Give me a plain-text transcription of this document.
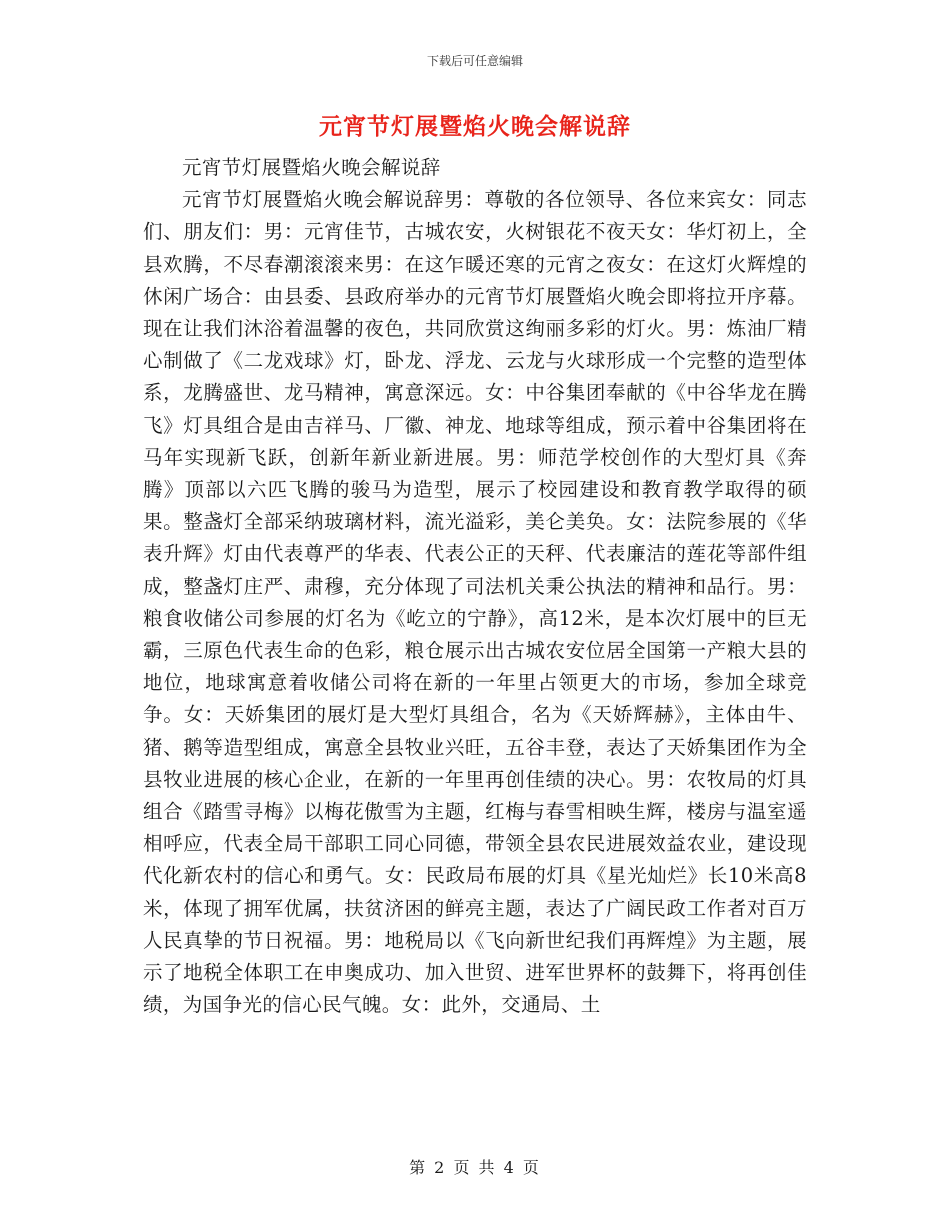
下载后可任意编辑
元宵节灯展暨焰火晚会解说辞

元宵节灯展暨焰火晚会解说辞

元宵节灯展暨焰火晚会解说辞男：尊敬的各位领导、各位来宾女：同志们、朋友们：男：元宵佳节，古城农安，火树银花不夜天女：华灯初上，全县欢腾，不尽春潮滚滚来男：在这乍暖还寒的元宵之夜女：在这灯火辉煌的休闲广场合：由县委、县政府举办的元宵节灯展暨焰火晚会即将拉开序幕。现在让我们沐浴着温馨的夜色，共同欣赏这绚丽多彩的灯火。男：炼油厂精心制做了《二龙戏球》灯，卧龙、浮龙、云龙与火球形成一个完整的造型体系，龙腾盛世、龙马精神，寓意深远。女：中谷集团奉献的《中谷华龙在腾飞》灯具组合是由吉祥马、厂徽、神龙、地球等组成，预示着中谷集团将在马年实现新飞跃，创新年新业新进展。男：师范学校创作的大型灯具《奔腾》顶部以六匹飞腾的骏马为造型，展示了校园建设和教育教学取得的硕果。整盏灯全部采纳玻璃材料，流光溢彩，美仑美奂。女：法院参展的《华表升辉》灯由代表尊严的华表、代表公正的天秤、代表廉洁的莲花等部件组成，整盏灯庄严、肃穆，充分体现了司法机关秉公执法的精神和品行。男：粮食收储公司参展的灯名为《屹立的宁静》，高12米，是本次灯展中的巨无霸，三原色代表生命的色彩，粮仓展示出古城农安位居全国第一产粮大县的地位，地球寓意着收储公司将在新的一年里占领更大的市场，参加全球竞争。女：天娇集团的展灯是大型灯具组合，名为《天娇辉赫》，主体由牛、猪、鹅等造型组成，寓意全县牧业兴旺，五谷丰登，表达了天娇集团作为全县牧业进展的核心企业，在新的一年里再创佳绩的决心。男：农牧局的灯具组合《踏雪寻梅》以梅花傲雪为主题，红梅与春雪相映生辉，楼房与温室遥相呼应，代表全局干部职工同心同德，带领全县农民进展效益农业，建设现代化新农村的信心和勇气。女：民政局布展的灯具《星光灿烂》长10米高8米，体现了拥军优属，扶贫济困的鲜亮主题，表达了广阔民政工作者对百万人民真挚的节日祝福。男：地税局以《飞向新世纪我们再辉煌》为主题，展示了地税全体职工在申奥成功、加入世贸、进军世界杯的鼓舞下，将再创佳绩，为国争光的信心民气魄。女：此外，交通局、土

第 2 页 共 4 页
